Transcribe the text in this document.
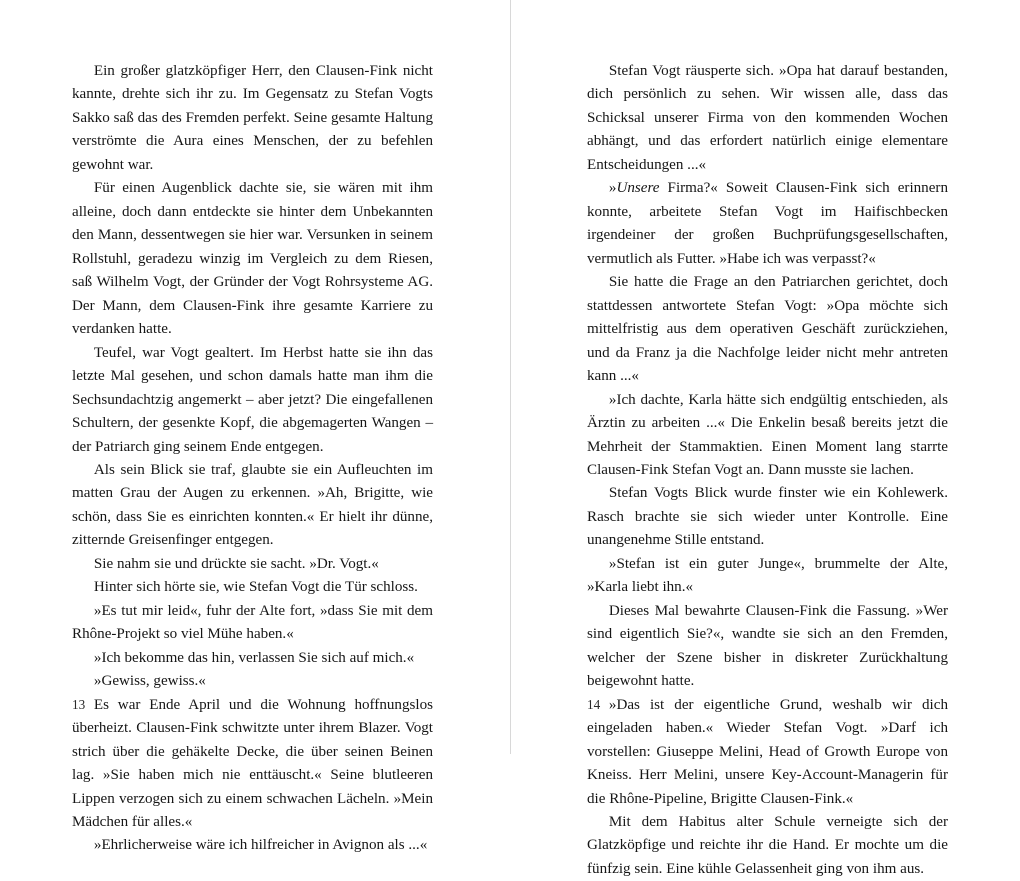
Ein großer glatzköpfiger Herr, den Clausen-Fink nicht kannte, drehte sich ihr zu. Im Gegensatz zu Stefan Vogts Sakko saß das des Fremden perfekt. Seine gesamte Haltung verströmte die Aura eines Menschen, der zu befehlen gewohnt war.

Für einen Augenblick dachte sie, sie wären mit ihm alleine, doch dann entdeckte sie hinter dem Unbekannten den Mann, dessentwegen sie hier war. Versunken in seinem Rollstuhl, geradezu winzig im Vergleich zu dem Riesen, saß Wilhelm Vogt, der Gründer der Vogt Rohrsysteme AG. Der Mann, dem Clausen-Fink ihre gesamte Karriere zu verdanken hatte.

Teufel, war Vogt gealtert. Im Herbst hatte sie ihn das letzte Mal gesehen, und schon damals hatte man ihm die Sechsundachtzig angemerkt – aber jetzt? Die eingefallenen Schultern, der gesenkte Kopf, die abgemagerten Wangen – der Patriarch ging seinem Ende entgegen.

Als sein Blick sie traf, glaubte sie ein Aufleuchten im matten Grau der Augen zu erkennen. »Ah, Brigitte, wie schön, dass Sie es einrichten konnten.« Er hielt ihr dünne, zitternde Greisenfinger entgegen.

Sie nahm sie und drückte sie sacht. »Dr. Vogt.«

Hinter sich hörte sie, wie Stefan Vogt die Tür schloss.

»Es tut mir leid«, fuhr der Alte fort, »dass Sie mit dem Rhône-Projekt so viel Mühe haben.«

»Ich bekomme das hin, verlassen Sie sich auf mich.«

»Gewiss, gewiss.«

Es war Ende April und die Wohnung hoffnungslos überheizt. Clausen-Fink schwitzte unter ihrem Blazer. Vogt strich über die gehäkelte Decke, die über seinen Beinen lag. »Sie haben mich nie enttäuscht.« Seine blutleeren Lippen verzogen sich zu einem schwachen Lächeln. »Mein Mädchen für alles.«

»Ehrlicherweise wäre ich hilfreicher in Avignon als ...«

13

Stefan Vogt räusperte sich. »Opa hat darauf bestanden, dich persönlich zu sehen. Wir wissen alle, dass das Schicksal unserer Firma von den kommenden Wochen abhängt, und das erfordert natürlich einige elementare Entscheidungen ...«

»Unsere Firma?« Soweit Clausen-Fink sich erinnern konnte, arbeitete Stefan Vogt im Haifischbecken irgendeiner der großen Buchprüfungsgesellschaften, vermutlich als Futter. »Habe ich was verpasst?«

Sie hatte die Frage an den Patriarchen gerichtet, doch stattdessen antwortete Stefan Vogt: »Opa möchte sich mittelfristig aus dem operativen Geschäft zurückziehen, und da Franz ja die Nachfolge leider nicht mehr antreten kann ...«

»Ich dachte, Karla hätte sich endgültig entschieden, als Ärztin zu arbeiten ...« Die Enkelin besaß bereits jetzt die Mehrheit der Stammaktien. Einen Moment lang starrte Clausen-Fink Stefan Vogt an. Dann musste sie lachen.

Stefan Vogts Blick wurde finster wie ein Kohlewerk. Rasch brachte sie sich wieder unter Kontrolle. Eine unangenehme Stille entstand.

»Stefan ist ein guter Junge«, brummelte der Alte, »Karla liebt ihn.«

Dieses Mal bewahrte Clausen-Fink die Fassung. »Wer sind eigentlich Sie?«, wandte sie sich an den Fremden, welcher der Szene bisher in diskreter Zurückhaltung beigewohnt hatte.

»Das ist der eigentliche Grund, weshalb wir dich eingeladen haben.« Wieder Stefan Vogt. »Darf ich vorstellen: Giuseppe Melini, Head of Growth Europe von Kneiss. Herr Melini, unsere Key-Account-Managerin für die Rhône-Pipeline, Brigitte Clausen-Fink.«

Mit dem Habitus alter Schule verneigte sich der Glatzköpfige und reichte ihr die Hand. Er mochte um die fünfzig sein. Eine kühle Gelassenheit ging von ihm aus.

14
